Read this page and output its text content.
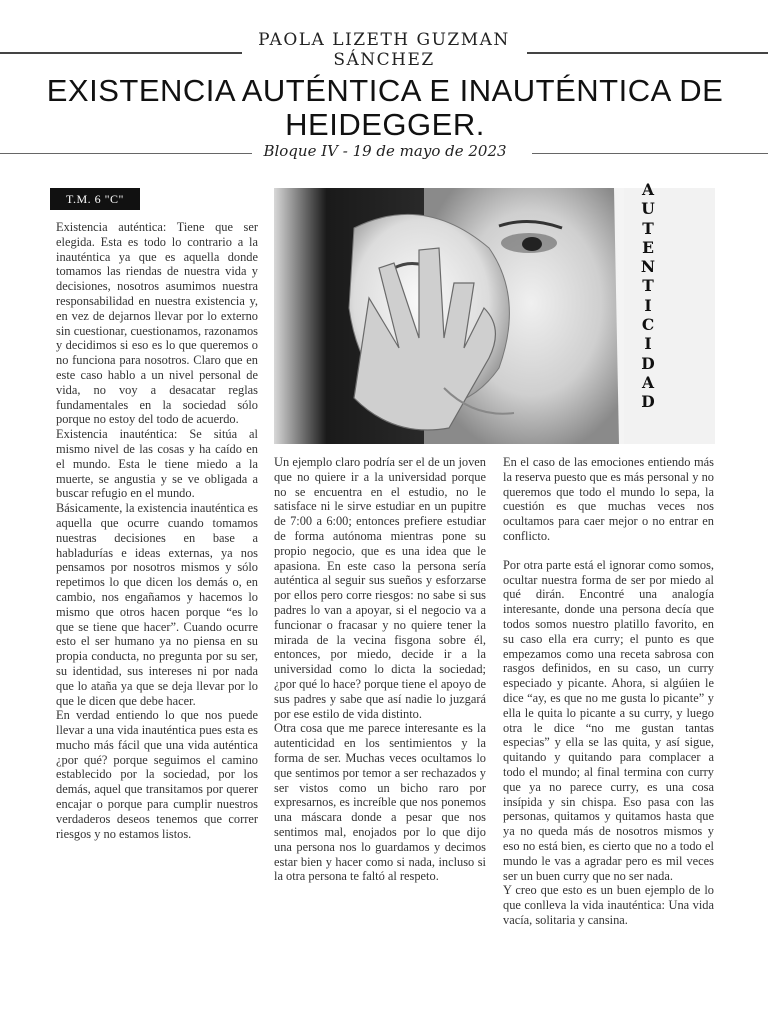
PAOLA LIZETH GUZMAN
SÁNCHEZ
EXISTENCIA AUTÉNTICA E INAUTÉNTICA DE HEIDEGGER.
Bloque IV - 19 de mayo de 2023
T.M. 6 "C"

Existencia auténtica: Tiene que ser elegida. Esta es todo lo contrario a la inauténtica ya que es aquella donde tomamos las riendas de nuestra vida y decisiones, nosotros asumimos nuestra responsabilidad en nuestra existencia y, en vez de dejarnos llevar por lo externo sin cuestionar, cuestionamos, razonamos y decidimos si eso es lo que queremos o no funciona para nosotros. Claro que en este caso hablo a un nivel personal de vida, no voy a desacatar reglas fundamentales en la sociedad sólo porque no estoy del todo de acuerdo.

Existencia inauténtica: Se sitúa al mismo nivel de las cosas y ha caído en el mundo. Esta le tiene miedo a la muerte, se angustia y se ve obligada a buscar refugio en el mundo.

Básicamente, la existencia inauténtica es aquella que ocurre cuando tomamos nuestras decisiones en base a habladurías e ideas externas, ya nos pensamos por nosotros mismos y sólo repetimos lo que dicen los demás o, en cambio, nos engañamos y hacemos lo mismo que otros hacen porque “es lo que se tiene que hacer”. Cuando ocurre esto el ser humano ya no piensa en su propia conducta, no pregunta por su ser, su identidad, sus intereses ni por nada que lo ataña ya que se deja llevar por lo que le dicen que debe hacer.

En verdad entiendo lo que nos puede llevar a una vida inauténtica pues esta es mucho más fácil que una vida auténtica ¿por qué? porque seguimos el camino establecido por la sociedad, por los demás, aquel que transitamos por querer encajar o porque para cumplir nuestros verdaderos deseos tenemos que correr riesgos y no estamos listos.

A
U
T
E
N
T
I
C
I
D
A
D

Un ejemplo claro podría ser el de un joven que no quiere ir a la universidad porque no se encuentra en el estudio, no le satisface ni le sirve estudiar en un pupitre de 7:00 a 6:00; entonces prefiere estudiar de forma autónoma mientras pone su propio negocio, que es una idea que le apasiona. En este caso la persona sería auténtica al seguir sus sueños y esforzarse por ellos pero corre riesgos: no sabe si sus padres lo van a apoyar, si el negocio va a funcionar o fracasar y no quiere tener la mirada de la vecina fisgona sobre él, entonces, por miedo, decide ir a la universidad como lo dicta la sociedad; ¿por qué lo hace? porque tiene el apoyo de sus padres y sabe que así nadie lo juzgará por ese estilo de vida distinto.

Otra cosa que me parece interesante es la autenticidad en los sentimientos y la forma de ser. Muchas veces ocultamos lo que sentimos por temor a ser rechazados y ser vistos como un bicho raro por expresarnos, es increíble que nos ponemos una máscara donde a pesar que nos sentimos mal, enojados por lo que dijo una persona nos lo guardamos y decimos estar bien y hacer como si nada, incluso si la otra persona te faltó al respeto.

En el caso de las emociones entiendo más la reserva puesto que es más personal y no queremos que todo el mundo lo sepa, la cuestión es que muchas veces nos ocultamos para caer mejor o no entrar en conflicto.

Por otra parte está el ignorar como somos, ocultar nuestra forma de ser por miedo al qué dirán. Encontré una analogía interesante, donde una persona decía que todos somos nuestro platillo favorito, en su caso ella era curry; el punto es que empezamos como una receta sabrosa con rasgos definidos, en su caso, un curry especiado y picante. Ahora, si algúien le dice “ay, es que no me gusta lo picante” y ella le quita lo picante a su curry, y luego otra le dice “no me gustan tantas especias” y ella se las quita, y así sigue, quitando y quitando para complacer a todo el mundo; al final termina con curry que ya no parece curry, es una cosa insípida y sin chispa. Eso pasa con las personas, quitamos y quitamos hasta que ya no queda más de nosotros mismos y eso no está bien, es cierto que no a todo el mundo le vas a agradar pero es mil veces ser un buen curry que no ser nada.

Y creo que esto es un buen ejemplo de lo que conlleva la vida inauténtica: Una vida vacía, solitaria y cansina.
